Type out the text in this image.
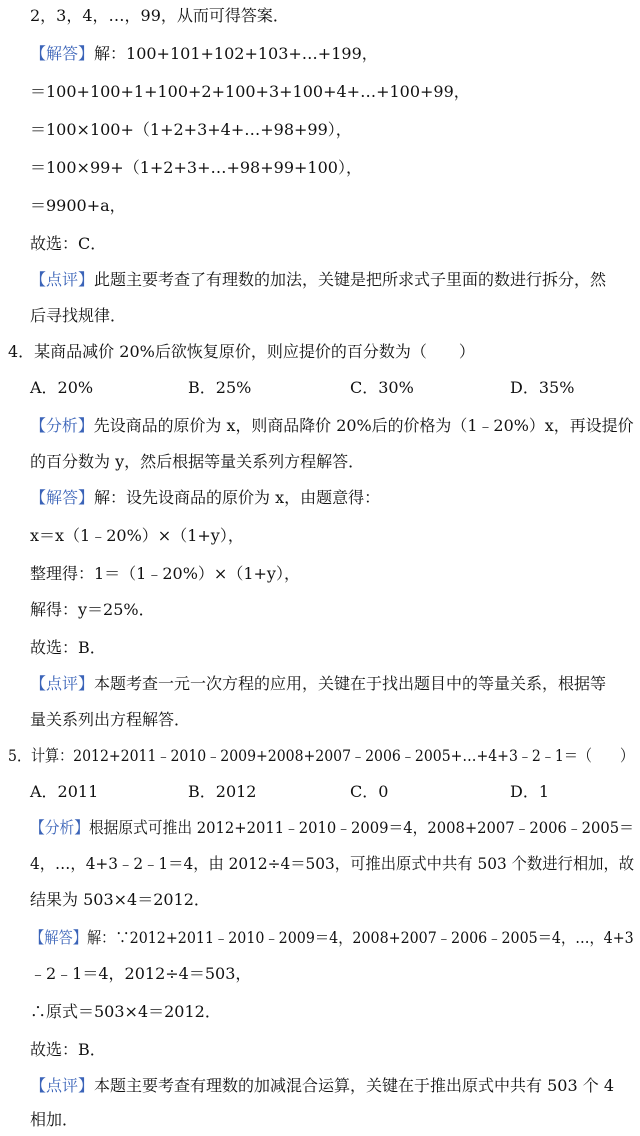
2，3，4，…，99，从而可得答案．
【解答】解：100+101+102+103+…+199，
＝100+100+1+100+2+100+3+100+4+…+100+99，
＝100×100+（1+2+3+4+…+98+99），
＝100×99+（1+2+3+…+98+99+100），
＝9900+a，
故选：C．
【点评】此题主要考查了有理数的加法，关键是把所求式子里面的数进行拆分，然
后寻找规律．
4．某商品减价 20%后欲恢复原价，则应提价的百分数为（　　）
A．20%	B．25%	C．30%	D．35%
【分析】先设商品的原价为 x，则商品降价 20%后的价格为（1﹣20%）x，再设提价
的百分数为 y，然后根据等量关系列方程解答．
【解答】解：设先设商品的原价为 x，由题意得：
x＝x（1﹣20%）×（1+y），
整理得：1＝（1﹣20%）×（1+y），
解得：y＝25%．
故选：B．
【点评】本题考查一元一次方程的应用，关键在于找出题目中的等量关系，根据等
量关系列出方程解答．
5．计算：2012+2011﹣2010﹣2009+2008+2007﹣2006﹣2005+…+4+3﹣2﹣1＝（　　）
A．2011	B．2012	C．0	D．1
【分析】根据原式可推出 2012+2011﹣2010﹣2009＝4，2008+2007﹣2006﹣2005＝
4，…，4+3﹣2﹣1＝4，由 2012÷4＝503，可推出原式中共有 503 个数进行相加，故
结果为 503×4＝2012．
【解答】解：∵2012+2011﹣2010﹣2009＝4，2008+2007﹣2006﹣2005＝4，…，4+3
﹣2﹣1＝4，2012÷4＝503，
∴原式＝503×4＝2012．
故选：B．
【点评】本题主要考查有理数的加减混合运算，关键在于推出原式中共有 503 个 4
相加．
